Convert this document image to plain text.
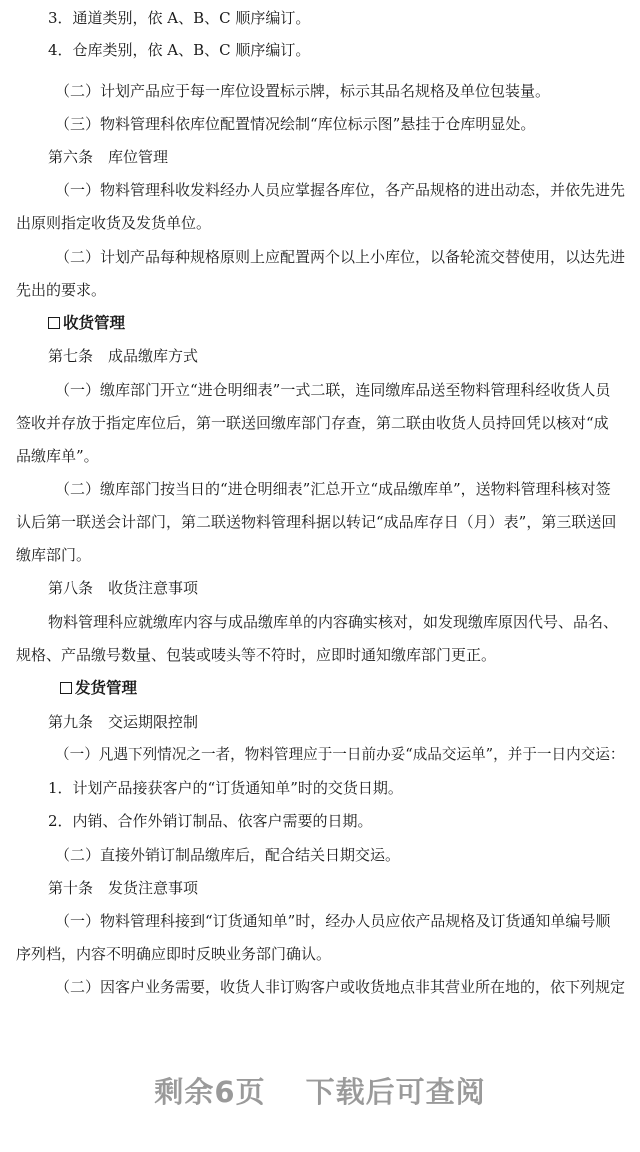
3．通道类别，依 A、B、C 顺序编订。
4．仓库类别，依 A、B、C 顺序编订。
（二）计划产品应于每一库位设置标示牌，标示其品名规格及单位包装量。
（三）物料管理科依库位配置情况绘制“库位标示图”悬挂于仓库明显处。
第六条　库位管理
（一）物料管理科收发料经办人员应掌握各库位，各产品规格的进出动态，并依先进先
出原则指定收货及发货单位。
（二）计划产品每种规格原则上应配置两个以上小库位，以备轮流交替使用，以达先进
先出的要求。
收货管理
第七条　成品缴库方式
（一）缴库部门开立“进仓明细表”一式二联，连同缴库品送至物料管理科经收货人员
签收并存放于指定库位后，第一联送回缴库部门存查，第二联由收货人员持回凭以核对“成
品缴库单”。
（二）缴库部门按当日的“进仓明细表”汇总开立“成品缴库单”，送物料管理科核对签
认后第一联送会计部门，第二联送物料管理科据以转记“成品库存日（月）表”，第三联送回
缴库部门。
第八条　收货注意事项
物料管理科应就缴库内容与成品缴库单的内容确实核对，如发现缴库原因代号、品名、
规格、产品缴号数量、包装或唛头等不符时，应即时通知缴库部门更正。
发货管理
第九条　交运期限控制
（一）凡遇下列情况之一者，物料管理应于一日前办妥“成品交运单”，并于一日内交运：
1．计划产品接获客户的“订货通知单”时的交货日期。
2．内销、合作外销订制品、依客户需要的日期。
（二）直接外销订制品缴库后，配合结关日期交运。
第十条　发货注意事项
（一）物料管理科接到“订货通知单”时，经办人员应依产品规格及订货通知单编号顺
序列档，内容不明确应即时反映业务部门确认。
（二）因客户业务需要，收货人非订购客户或收货地点非其营业所在地的，依下列规定
剩余6页 下载后可查阅
